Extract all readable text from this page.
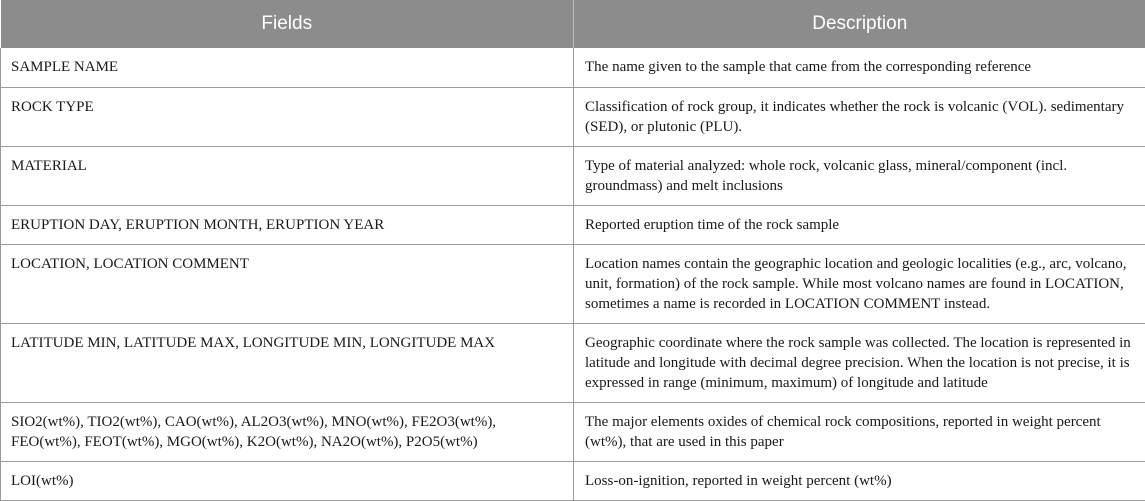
Fields	Description
SAMPLE NAME	The name given to the sample that came from the corresponding reference
ROCK TYPE	Classification of rock group, it indicates whether the rock is volcanic (VOL). sedimentary (SED), or plutonic (PLU).
MATERIAL	Type of material analyzed: whole rock, volcanic glass, mineral/component (incl. groundmass) and melt inclusions
ERUPTION DAY, ERUPTION MONTH, ERUPTION YEAR	Reported eruption time of the rock sample
LOCATION, LOCATION COMMENT	Location names contain the geographic location and geologic localities (e.g., arc, volcano, unit, formation) of the rock sample. While most volcano names are found in LOCATION, sometimes a name is recorded in LOCATION COMMENT instead.
LATITUDE MIN, LATITUDE MAX, LONGITUDE MIN, LONGITUDE MAX	Geographic coordinate where the rock sample was collected. The location is represented in latitude and longitude with decimal degree precision. When the location is not precise, it is expressed in range (minimum, maximum) of longitude and latitude
SIO2(wt%), TIO2(wt%), CAO(wt%), AL2O3(wt%), MNO(wt%), FE2O3(wt%), FEO(wt%), FEOT(wt%), MGO(wt%), K2O(wt%), NA2O(wt%), P2O5(wt%)	The major elements oxides of chemical rock compositions, reported in weight percent (wt%), that are used in this paper
LOI(wt%)	Loss-on-ignition, reported in weight percent (wt%)
